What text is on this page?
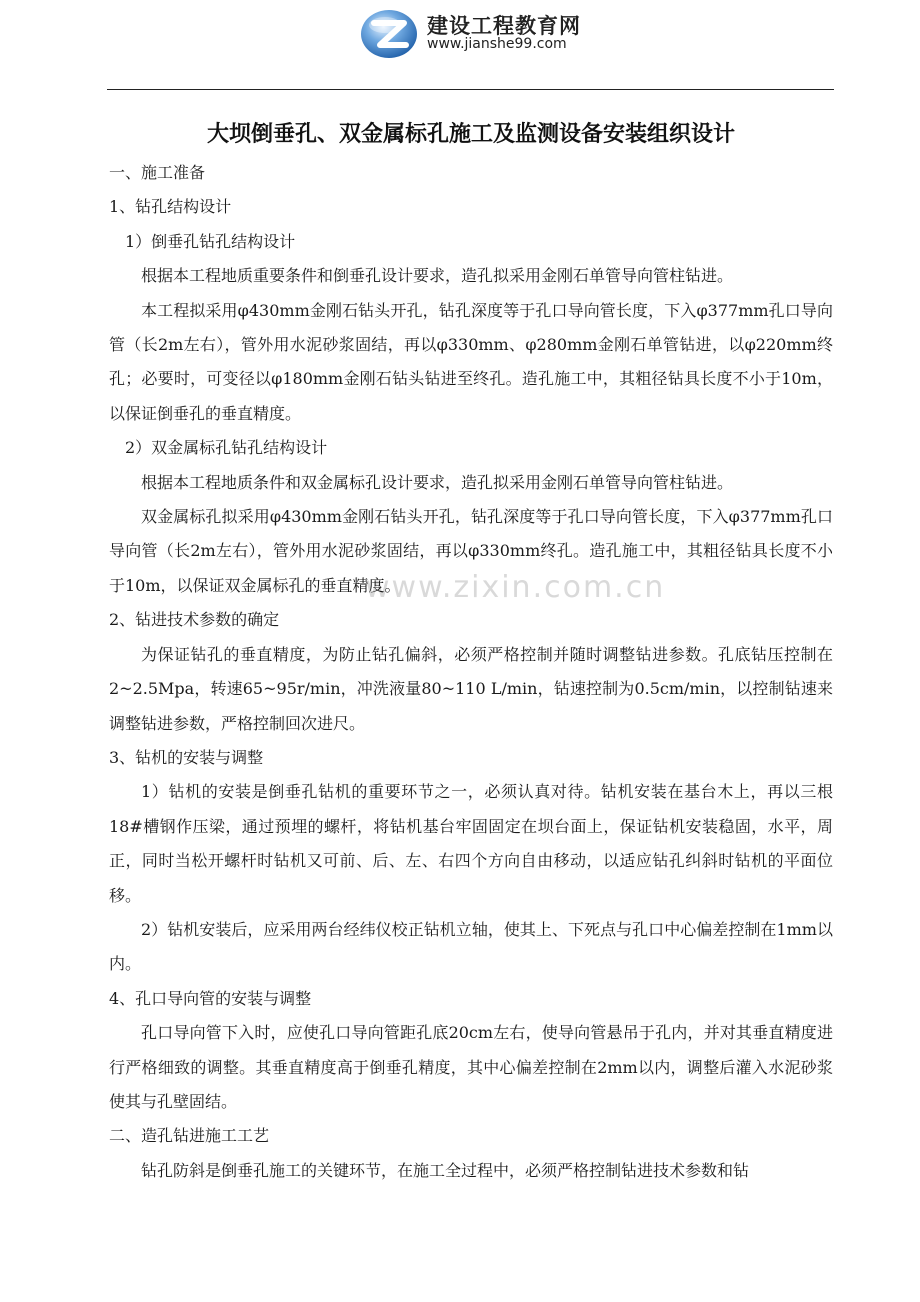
建设工程教育网
www.jianshe99.com
www.zixin.com.cn
大坝倒垂孔、双金属标孔施工及监测设备安装组织设计

一、施工准备

1、钻孔结构设计

1）倒垂孔钻孔结构设计

根据本工程地质重要条件和倒垂孔设计要求，造孔拟采用金刚石单管导向管柱钻进。

本工程拟采用φ430mm金刚石钻头开孔，钻孔深度等于孔口导向管长度，下入φ377mm孔口导向管（长2m左右），管外用水泥砂浆固结，再以φ330mm、φ280mm金刚石单管钻进，以φ220mm终孔；必要时，可变径以φ180mm金刚石钻头钻进至终孔。造孔施工中，其粗径钻具长度不小于10m，以保证倒垂孔的垂直精度。

2）双金属标孔钻孔结构设计

根据本工程地质条件和双金属标孔设计要求，造孔拟采用金刚石单管导向管柱钻进。

双金属标孔拟采用φ430mm金刚石钻头开孔，钻孔深度等于孔口导向管长度，下入φ377mm孔口导向管（长2m左右），管外用水泥砂浆固结，再以φ330mm终孔。造孔施工中，其粗径钻具长度不小于10m，以保证双金属标孔的垂直精度。

2、钻进技术参数的确定

为保证钻孔的垂直精度，为防止钻孔偏斜，必须严格控制并随时调整钻进参数。孔底钻压控制在2~2.5Mpa，转速65~95r/min，冲洗液量80~110 L/min，钻速控制为0.5cm/min，以控制钻速来调整钻进参数，严格控制回次进尺。

3、钻机的安装与调整

1）钻机的安装是倒垂孔钻机的重要环节之一，必须认真对待。钻机安装在基台木上，再以三根18#槽钢作压梁，通过预埋的螺杆，将钻机基台牢固固定在坝台面上，保证钻机安装稳固，水平，周正，同时当松开螺杆时钻机又可前、后、左、右四个方向自由移动，以适应钻孔纠斜时钻机的平面位移。

2）钻机安装后，应采用两台经纬仪校正钻机立轴，使其上、下死点与孔口中心偏差控制在1mm以内。

4、孔口导向管的安装与调整

孔口导向管下入时，应使孔口导向管距孔底20cm左右，使导向管悬吊于孔内，并对其垂直精度进行严格细致的调整。其垂直精度高于倒垂孔精度，其中心偏差控制在2mm以内，调整后灌入水泥砂浆使其与孔壁固结。

二、造孔钻进施工工艺

钻孔防斜是倒垂孔施工的关键环节，在施工全过程中，必须严格控制钻进技术参数和钻
